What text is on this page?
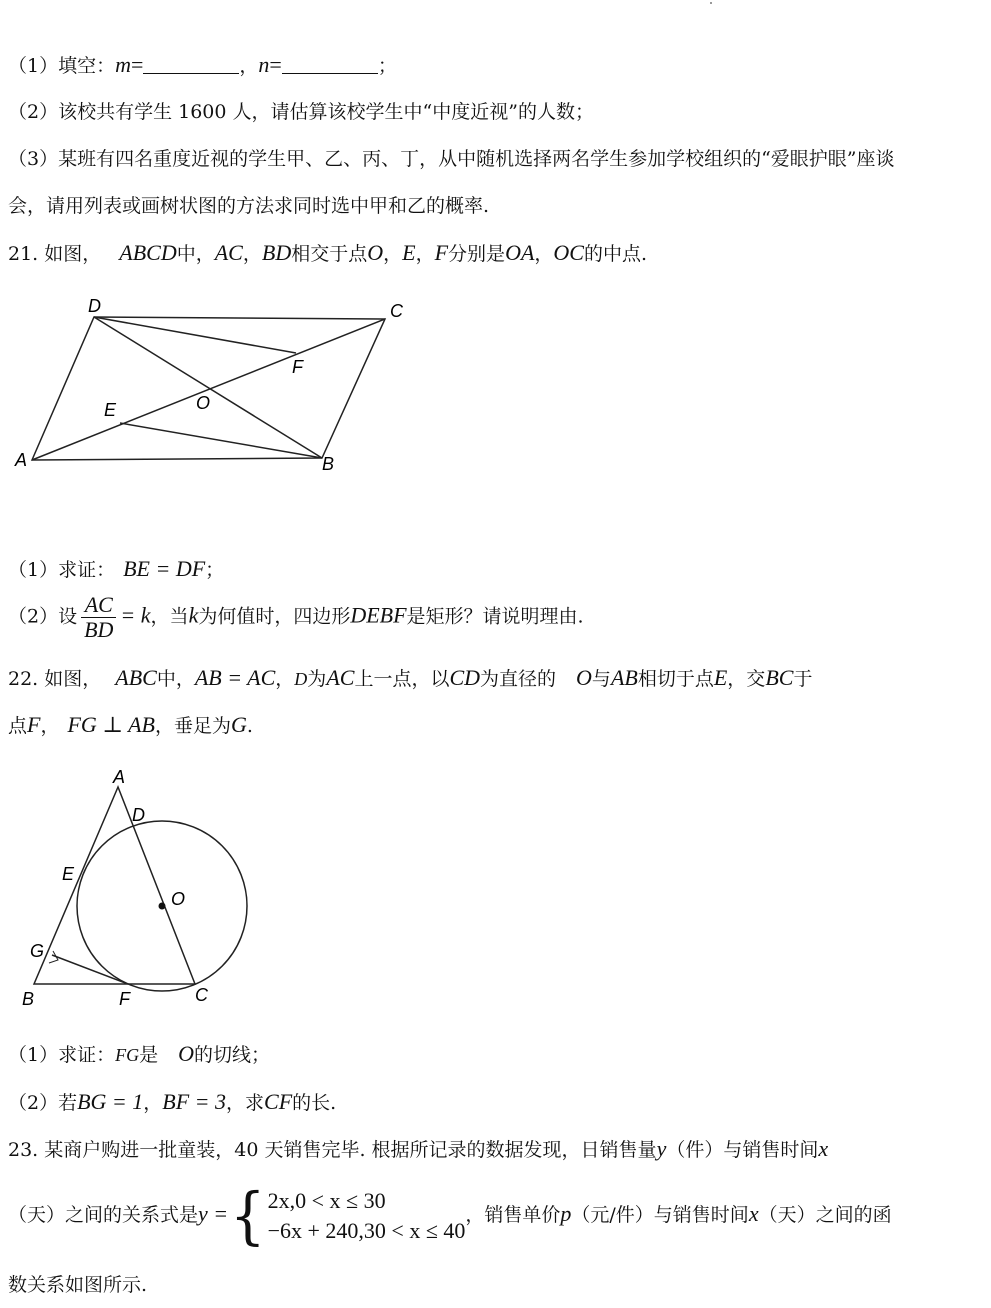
（1）填空：m=	，n=	；
（2）该校共有学生 1600 人，请估算该校学生中“中度近视”的人数；
（3）某班有四名重度近视的学生甲、乙、丙、丁，从中随机选择两名学生参加学校组织的“爱眼护眼”座谈
会，请用列表或画树状图的方法求同时选中甲和乙的概率.
21. 如图， ABCD中，AC，BD相交于点O，E，F分别是OA，OC的中点.
A	B
C
D
E
F
O
（1）求证： BE = DF；
（2）设 $\frac{AC}{BD} = k$，当k为何值时，四边形DEBF是矩形？请说明理由.
22. 如图， ABC中，AB = AC，D为AC上一点，以CD为直径的 O与AB相切于点E，交BC于
点F， FG ⊥ AB，垂足为G.
A
D
E
O
G
B	F	C
（1）求证：FG是 O的切线；
（2）若BG = 1，BF = 3，求CF的长.
23. 某商户购进一批童装，40 天销售完毕. 根据所记录的数据发现，日销售量y（件）与销售时间x
（天）之间的关系式是y ={ 2x,0 < x ≤ 30
−6x + 240,30 < x ≤ 40
，销售单价p（元/件）与销售时间x（天）之间的函
数关系如图所示.
